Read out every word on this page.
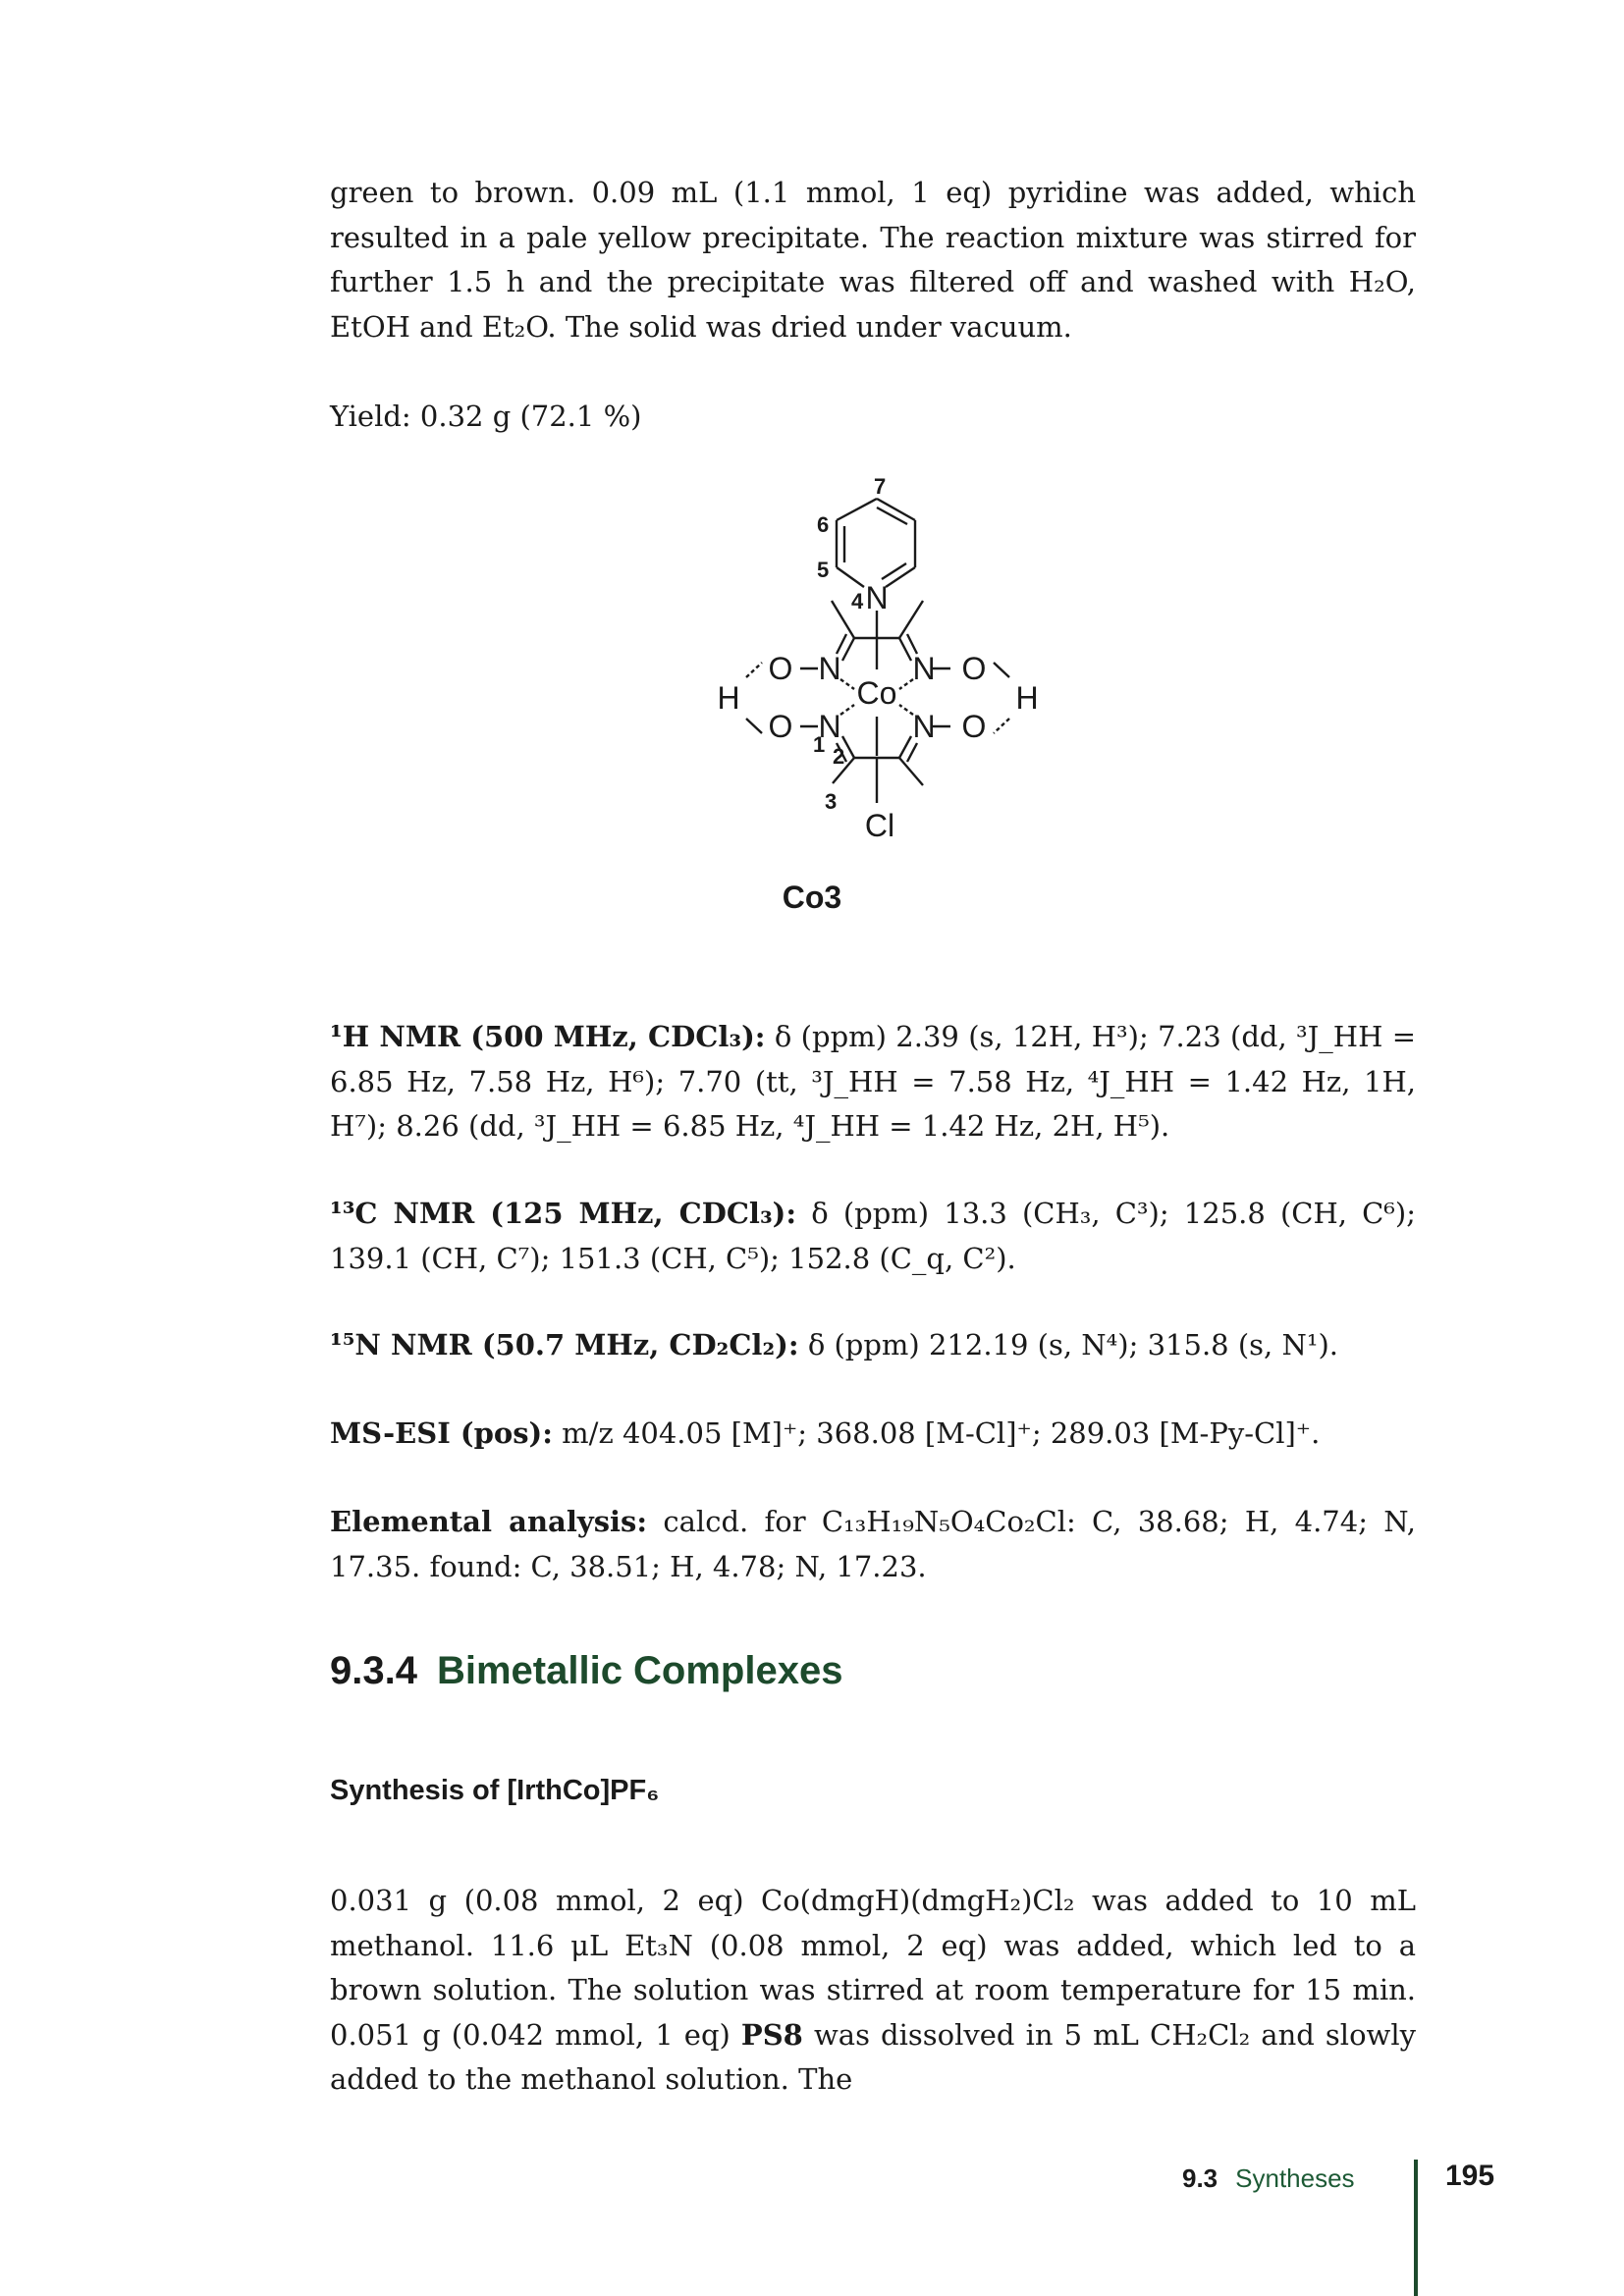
green to brown. 0.09 mL (1.1 mmol, 1 eq) pyridine was added, which resulted in a pale yellow precipitate. The reaction mixture was stirred for further 1.5 h and the precipitate was filtered off and washed with H₂O, EtOH and Et₂O. The solid was dried under vacuum.

Yield: 0.32 g (72.1 %)

N
Co
O N N O
O N N O
H	H
Cl
1 2
3
4
5
6
7
Co3

¹H NMR (500 MHz, CDCl₃): δ (ppm) 2.39 (s, 12H, H³); 7.23 (dd, ³J_HH = 6.85 Hz, 7.58 Hz, H⁶); 7.70 (tt, ³J_HH = 7.58 Hz, ⁴J_HH = 1.42 Hz, 1H, H⁷); 8.26 (dd, ³J_HH = 6.85 Hz, ⁴J_HH = 1.42 Hz, 2H, H⁵).

¹³C NMR (125 MHz, CDCl₃): δ (ppm) 13.3 (CH₃, C³); 125.8 (CH, C⁶); 139.1 (CH, C⁷); 151.3 (CH, C⁵); 152.8 (C_q, C²).

¹⁵N NMR (50.7 MHz, CD₂Cl₂): δ (ppm) 212.19 (s, N⁴); 315.8 (s, N¹).

MS-ESI (pos): m/z 404.05 [M]⁺; 368.08 [M-Cl]⁺; 289.03 [M-Py-Cl]⁺.

Elemental analysis: calcd. for C₁₃H₁₉N₅O₄Co₂Cl: C, 38.68; H, 4.74; N, 17.35. found: C, 38.51; H, 4.78; N, 17.23.

9.3.4 Bimetallic Complexes
Synthesis of [IrthCo]PF₆

0.031 g (0.08 mmol, 2 eq) Co(dmgH)(dmgH₂)Cl₂ was added to 10 mL methanol. 11.6 μL Et₃N (0.08 mmol, 2 eq) was added, which led to a brown solution. The solution was stirred at room temperature for 15 min. 0.051 g (0.042 mmol, 1 eq) PS8 was dissolved in 5 mL CH₂Cl₂ and slowly added to the methanol solution. The

9.3 Syntheses	195
